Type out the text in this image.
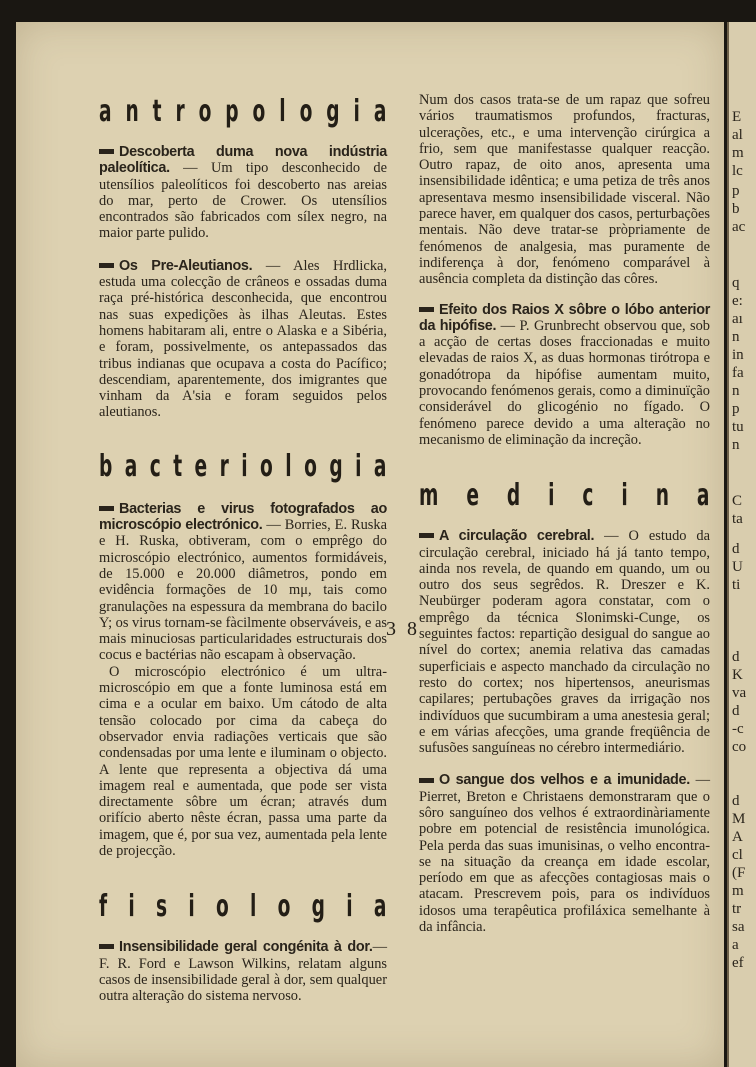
a n t r o p o l o g i a

Descoberta duma nova indústria paleolítica. — Um tipo desconhecido de utensílios paleolíticos foi descoberto nas areias do mar, perto de Crower. Os utensílios encontrados são fabricados com sílex negro, na maior parte pulido.

Os Pre-Aleutianos. — Ales Hrdlicka, estuda uma colecção de crâneos e ossadas duma raça pré-histórica desconhecida, que encontrou nas suas expedições às ilhas Aleutas. Estes homens habitaram ali, entre o Alaska e a Sibéria, e foram, possivelmente, os antepassados das tribus indianas que ocupava a costa do Pacífico; descendiam, aparentemente, dos imigrantes que vinham da A'sia e foram seguidos pelos aleutianos.

b a c t e r i o l o g i a

Bacterias e virus fotografados ao microscópio electrónico. — Borries, E. Ruska e H. Ruska, obtiveram, com o emprêgo do microscópio electrónico, aumentos formidáveis, de 15.000 e 20.000 diâmetros, pondo em evidência formações de 10 mμ, tais como granulações na espessura da membrana do bacilo Y; os virus tornam-se fàcilmente observáveis, e as mais minuciosas particularidades estructurais dos cocus e bactérias não escapam à observação.

O microscópio electrónico é um ultra-microscópio em que a fonte luminosa está em cima e a ocular em baixo. Um cátodo de alta tensão colocado por cima da cabeça do observador envia radiações verticais que são condensadas por uma lente e iluminam o objecto. A lente que representa a objectiva dá uma imagem real e aumentada, que pode ser vista directamente sôbre um écran; através dum orifício aberto nêste écran, passa uma parte da imagem, que é, por sua vez, aumentada pela lente de projecção.

f i s i o l o g i a

Insensibilidade geral congénita à dor.— F. R. Ford e Lawson Wilkins, relatam alguns casos de insensibilidade geral à dor, sem qualquer outra alteração do sistema nervoso.

Num dos casos trata-se de um rapaz que sofreu vários traumatismos profundos, fracturas, ulcerações, etc., e uma intervenção cirúrgica a frio, sem que manifestasse qualquer reacção. Outro rapaz, de oito anos, apresenta uma insensibilidade idêntica; e uma petiza de três anos apresentava mesmo insensibilidade visceral. Não parece haver, em qualquer dos casos, perturbações mentais. Não deve tratar-se pròpriamente de fenómenos de analgesia, mas puramente de indiferença à dor, fenómeno comparável à ausência completa da distinção das côres.

Efeito dos Raios X sôbre o lóbo anterior da hipófise. — P. Grunbrecht observou que, sob a acção de certas doses fraccionadas e muito elevadas de raios X, as duas hormonas tirótropa e gonadótropa da hipófise aumentam muito, provocando fenómenos gerais, como a diminuïção considerável do glicogénio no fígado. O fenómeno parece devido a uma alteração no mecanismo de eliminação da increção.

m e d i c i n a

A circulação cerebral. — O estudo da circulação cerebral, iniciado há já tanto tempo, ainda nos revela, de quando em quando, um ou outro dos seus segrêdos. R. Dreszer e K. Neubürger poderam agora constatar, com o emprêgo da técnica Slonimski-Cunge, os seguintes factos: repartição desigual do sangue ao nível do cortex; anemia relativa das camadas superficiais e aspecto manchado da circulação no resto do cortex; nos hipertensos, aneurismas capilares; pertubações graves da irrigação nos indivíduos que sucumbiram a uma anestesia geral; e em várias afecções, uma grande freqüência de sufusões sanguíneas no cérebro intermediário.

O sangue dos velhos e a imunidade. — Pierret, Breton e Christaens demonstraram que o sôro sanguíneo dos velhos é extraordinàriamente pobre em potencial de resistência imunológica. Pela perda das suas imunisinas, o velho encontra-se na situação da creança em idade escolar, período em que as afecções contagiosas mais o atacam. Prescrevem pois, para os indivíduos idosos uma terapêutica profiláxica semelhante à da infância.

3 8
E
al
m
lc
p
b
ac
q
e:
aı
n
in
fa
n
p
tu
n
C
ta
d
U
ti
d
K
va
d
-c
co
d
M
A
cl
(F
m
tr
sa
a
ef
